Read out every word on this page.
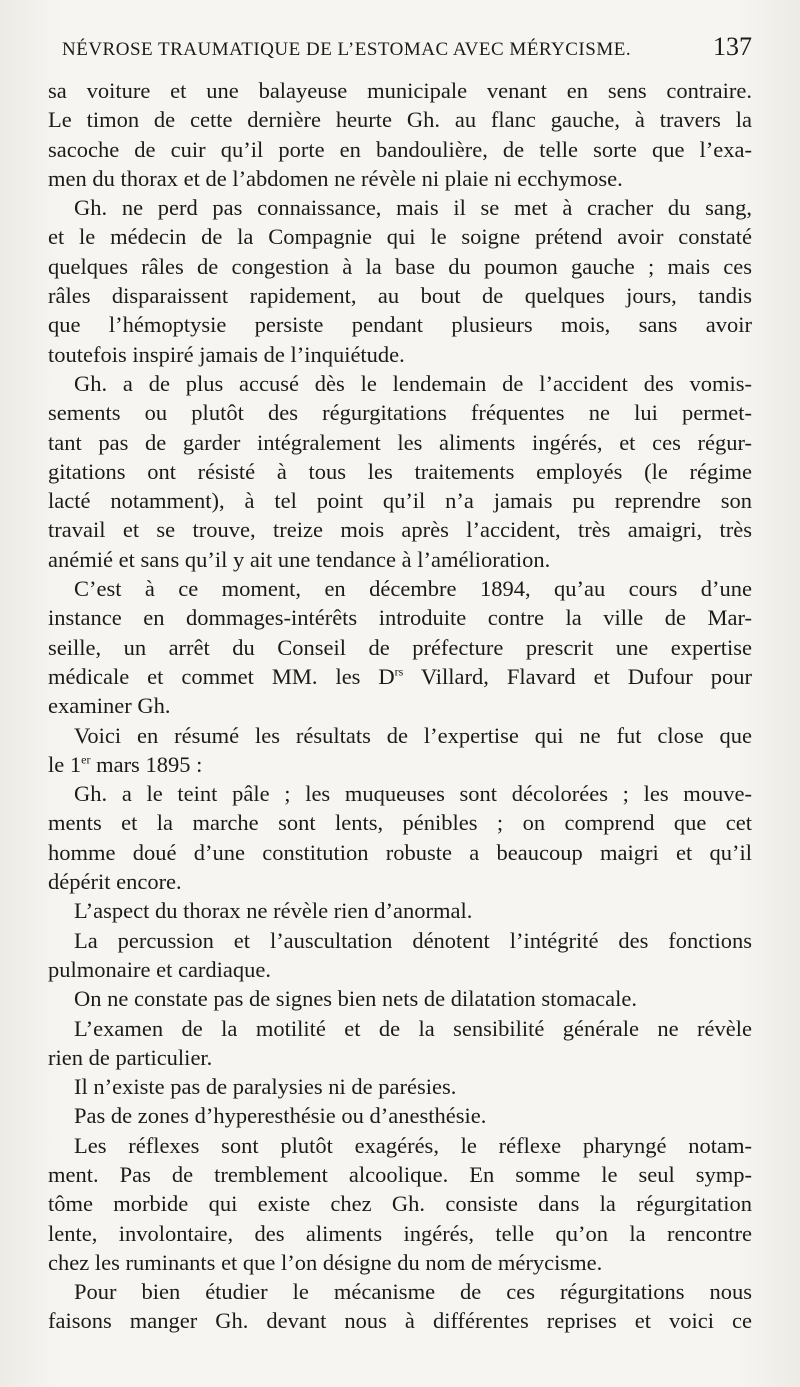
NÉVROSE TRAUMATIQUE DE L’ESTOMAC AVEC MÉRYCISME.	137
sa voiture et une balayeuse municipale venant en sens contraire.
Le timon de cette dernière heurte Gh. au flanc gauche, à travers la
sacoche de cuir qu’il porte en bandoulière, de telle sorte que l’exa-
men du thorax et de l’abdomen ne révèle ni plaie ni ecchymose.
Gh. ne perd pas connaissance, mais il se met à cracher du sang,
et le médecin de la Compagnie qui le soigne prétend avoir constaté
quelques râles de congestion à la base du poumon gauche ; mais ces
râles disparaissent rapidement, au bout de quelques jours, tandis
que l’hémoptysie persiste pendant plusieurs mois, sans avoir
toutefois inspiré jamais de l’inquiétude.
Gh. a de plus accusé dès le lendemain de l’accident des vomis-
sements ou plutôt des régurgitations fréquentes ne lui permet-
tant pas de garder intégralement les aliments ingérés, et ces régur-
gitations ont résisté à tous les traitements employés (le régime
lacté notamment), à tel point qu’il n’a jamais pu reprendre son
travail et se trouve, treize mois après l’accident, très amaigri, très
anémié et sans qu’il y ait une tendance à l’amélioration.
C’est à ce moment, en décembre 1894, qu’au cours d’une
instance en dommages-intérêts introduite contre la ville de Mar-
seille, un arrêt du Conseil de préfecture prescrit une expertise
médicale et commet MM. les $D^{rs}$ Villard, Flavard et Dufour pour
examiner Gh.
Voici en résumé les résultats de l’expertise qui ne fut close que
le 1er mars 1895 :
Gh. a le teint pâle ; les muqueuses sont décolorées ; les mouve-
ments et la marche sont lents, pénibles ; on comprend que cet
homme doué d’une constitution robuste a beaucoup maigri et qu’il
dépérit encore.
L’aspect du thorax ne révèle rien d’anormal.
La percussion et l’auscultation dénotent l’intégrité des fonctions
pulmonaire et cardiaque.
On ne constate pas de signes bien nets de dilatation stomacale.
L’examen de la motilité et de la sensibilité générale ne révèle
rien de particulier.
Il n’existe pas de paralysies ni de parésies.
Pas de zones d’hyperesthésie ou d’anesthésie.
Les réflexes sont plutôt exagérés, le réflexe pharyngé notam-
ment. Pas de tremblement alcoolique. En somme le seul symp-
tôme morbide qui existe chez Gh. consiste dans la régurgitation
lente, involontaire, des aliments ingérés, telle qu’on la rencontre
chez les ruminants et que l’on désigne du nom de mérycisme.
Pour bien étudier le mécanisme de ces régurgitations nous
faisons manger Gh. devant nous à différentes reprises et voici ce
